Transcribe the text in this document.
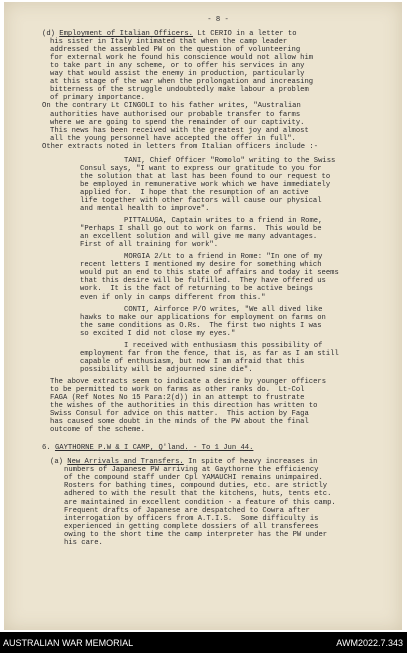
- 8 -
(d) Employment of Italian Officers. Lt CERIO in a letter to
his sister in Italy intimated that when the camp leader
addressed the assembled PW on the question of volunteering
for external work he found his conscience would not allow him
to take part in any scheme, or to offer his services in any
way that would assist the enemy in production, particularly
at this stage of the war when the prolongation and increasing
bitterness of the struggle undoubtedly make labour a problem
of primary importance.
On the contrary Lt CINGOLI to his father writes, "Australian
authorities have authorised our probable transfer to farms
where we are going to spend the remainder of our captivity.
This news has been received with the greatest joy and almost
all the young personnel have accepted the offer in full".
Other extracts noted in letters from Italian officers include :-
TANI, Chief Officer "Romolo" writing to the Swiss
Consul says, "I want to express our gratitude to you for
the solution that at last has been found to our request to
be employed in remunerative work which we have immediately
applied for.  I hope that the resumption of an active
life together with other factors will cause our physical
and mental health to improve".
PITTALUGA, Captain writes to a friend in Rome,
"Perhaps I shall go out to work on farms.  This would be
an excellent solution and will give me many advantages.
First of all training for work".
MORGIA 2/Lt to a friend in Rome: "In one of my
recent letters I mentioned my desire for something which
would put an end to this state of affairs and today it seems
that this desire will be fulfilled.  They have offered us
work.  It is the fact of returning to be active beings
even if only in camps different from this."
CONTI, Airforce P/O writes, "We all dived like
hawks to make our applications for employment on farms on
the same conditions as O.Rs.  The first two nights I was
so excited I did not close my eyes."
I received with enthusiasm this possibility of
employment far from the fence, that is, as far as I am still
capable of enthusiasm, but now I am afraid that this
possibility will be adjourned sine die".
The above extracts seem to indicate a desire by younger officers
to be permitted to work on farms as other ranks do.  Lt-Col
FAGA (Ref Notes No 15 Para:2(d)) in an attempt to frustrate
the wishes of the authorities in this direction has written to
Swiss Consul for advice on this matter.  This action by Faga
has caused some doubt in the minds of the PW about the final
outcome of the scheme.
6. GAYTHORNE P.W & I CAMP, Q'land. - To 1 Jun 44.
(a) New Arrivals and Transfers. In spite of heavy increases in
numbers of Japanese PW arriving at Gaythorne the efficiency
of the compound staff under Cpl YAMAUCHI remains unimpaired.
Rosters for bathing times, compound duties, etc. are strictly
adhered to with the result that the kitchens, huts, tents etc.
are maintained in excellent condition - a feature of this camp.
Frequent drafts of Japanese are despatched to Cowra after
interrogation by officers from A.T.I.S.  Some difficulty is
experienced in getting complete dossiers of all transferees
owing to the short time the camp interpreter has the PW under
his care.
AUSTRALIAN WAR MEMORIAL	AWM2022.7.343
